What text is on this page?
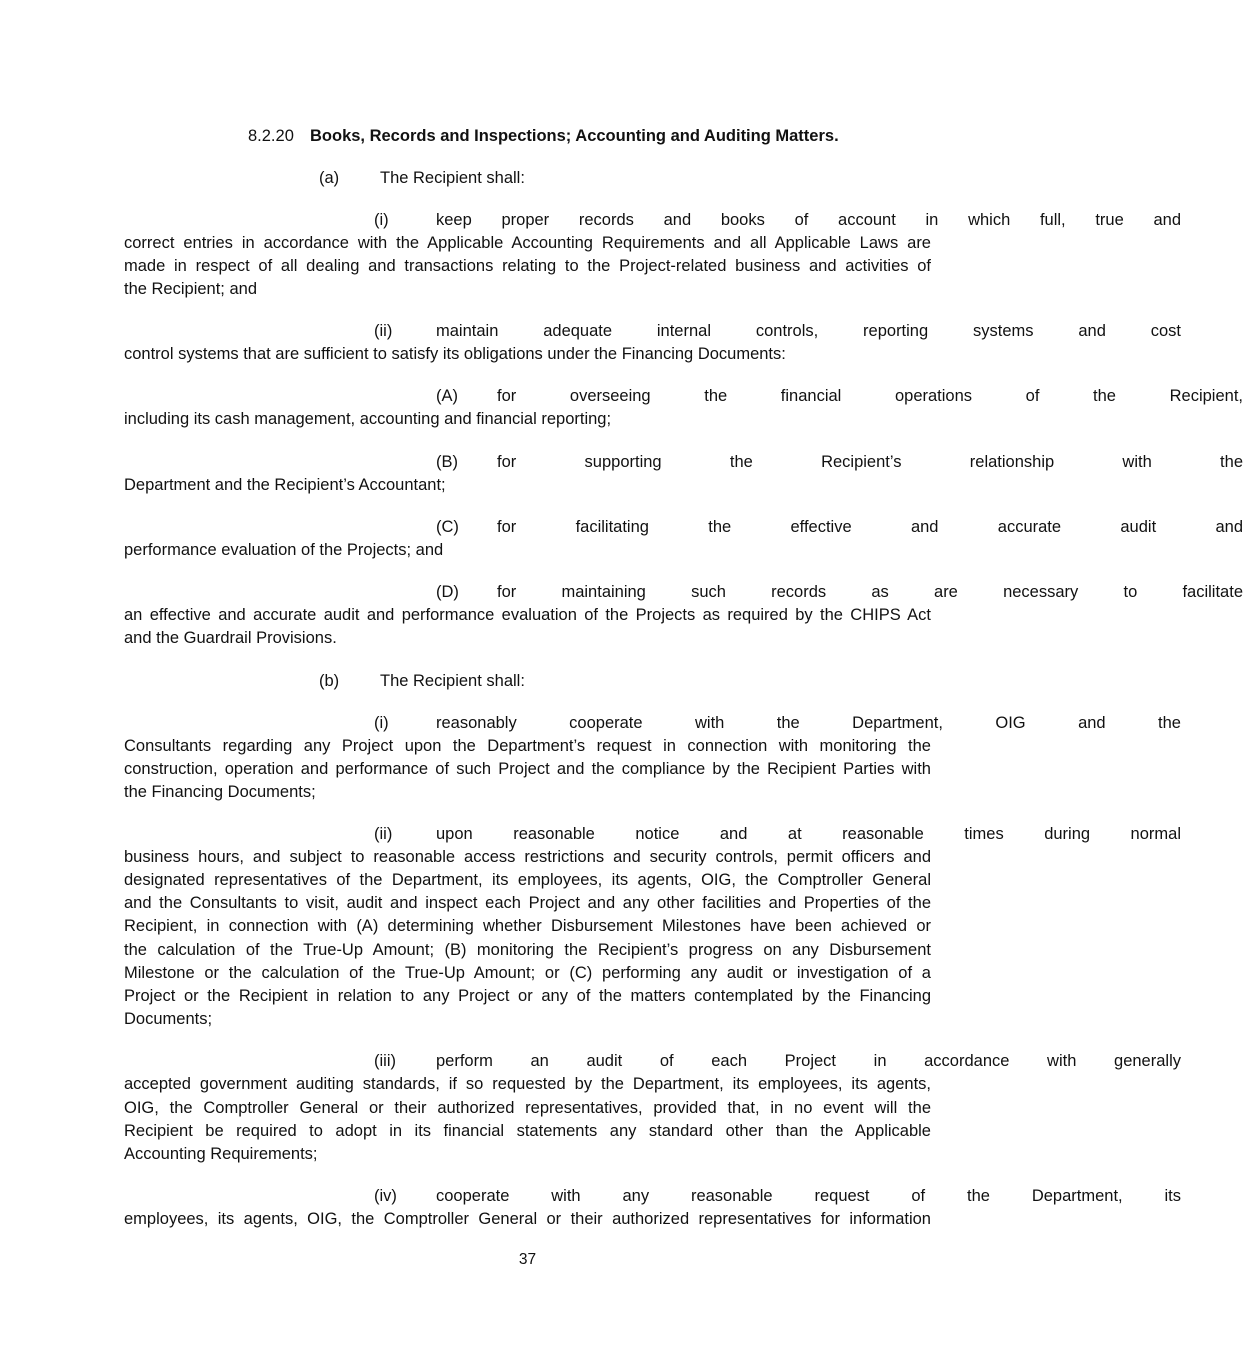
8.2.20 Books, Records and Inspections; Accounting and Auditing Matters.
(a) The Recipient shall:
(i)	keep proper records and books of account in which full, true and
correct entries in accordance with the Applicable Accounting Requirements and all Applicable Laws are
made in respect of all dealing and transactions relating to the Project-related business and activities of
the Recipient; and
(ii)	maintain adequate internal controls, reporting systems and cost
control systems that are sufficient to satisfy its obligations under the Financing Documents:
(A) for overseeing the financial operations of the Recipient,
including its cash management, accounting and financial reporting;
(B) for supporting the Recipient’s relationship with the
Department and the Recipient’s Accountant;
(C) for facilitating the effective and accurate audit and
performance evaluation of the Projects; and
(D) for maintaining such records as are necessary to facilitate
an effective and accurate audit and performance evaluation of the Projects as required by the CHIPS Act
and the Guardrail Provisions.
(b) The Recipient shall:
(i)	reasonably cooperate with the Department, OIG and the
Consultants regarding any Project upon the Department’s request in connection with monitoring the
construction, operation and performance of such Project and the compliance by the Recipient Parties with
the Financing Documents;
(ii)	upon reasonable notice and at reasonable times during normal
business hours, and subject to reasonable access restrictions and security controls, permit officers and
designated representatives of the Department, its employees, its agents, OIG, the Comptroller General
and the Consultants to visit, audit and inspect each Project and any other facilities and Properties of the
Recipient, in connection with (A) determining whether Disbursement Milestones have been achieved or
the calculation of the True-Up Amount; (B) monitoring the Recipient’s progress on any Disbursement
Milestone or the calculation of the True-Up Amount; or (C) performing any audit or investigation of a
Project or the Recipient in relation to any Project or any of the matters contemplated by the Financing
Documents;
(iii) perform an audit of each Project in accordance with generally
accepted government auditing standards, if so requested by the Department, its employees, its agents,
OIG, the Comptroller General or their authorized representatives, provided that, in no event will the
Recipient be required to adopt in its financial statements any standard other than the Applicable
Accounting Requirements;
(iv) cooperate with any reasonable request of the Department, its
employees, its agents, OIG, the Comptroller General or their authorized representatives for information
37
